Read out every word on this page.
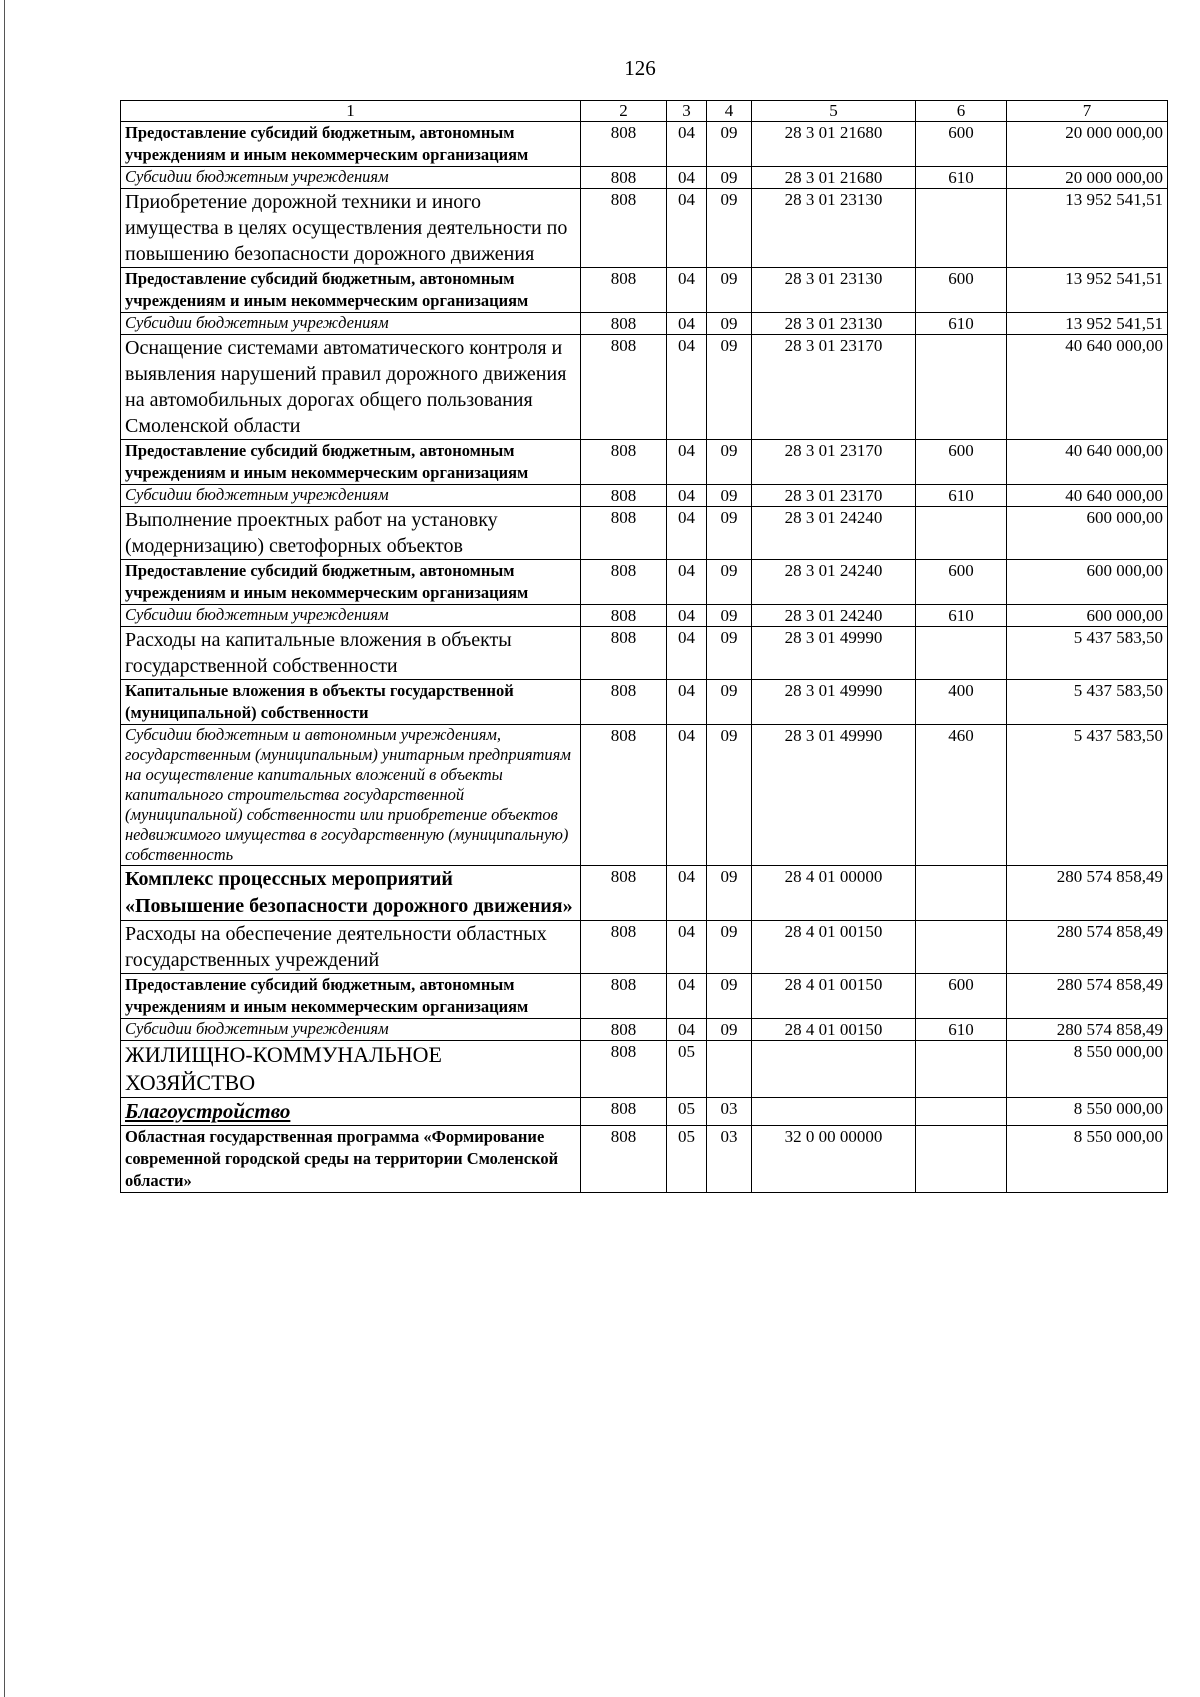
126
1	2	3	4	5	6	7
Предоставление субсидий бюджетным, автономным учреждениям и иным некоммерческим организациям	808	04	09	28 3 01 21680	600	20 000 000,00
Субсидии бюджетным учреждениям	808	04	09	28 3 01 21680	610	20 000 000,00
Приобретение дорожной техники и иного имущества в целях осуществления деятельности по повышению безопасности дорожного движения	808	04	09	28 3 01 23130		13 952 541,51
Предоставление субсидий бюджетным, автономным учреждениям и иным некоммерческим организациям	808	04	09	28 3 01 23130	600	13 952 541,51
Субсидии бюджетным учреждениям	808	04	09	28 3 01 23130	610	13 952 541,51
Оснащение системами автоматического контроля и выявления нарушений правил дорожного движения на автомобильных дорогах общего пользования Смоленской области	808	04	09	28 3 01 23170		40 640 000,00
Предоставление субсидий бюджетным, автономным учреждениям и иным некоммерческим организациям	808	04	09	28 3 01 23170	600	40 640 000,00
Субсидии бюджетным учреждениям	808	04	09	28 3 01 23170	610	40 640 000,00
Выполнение проектных работ на установку (модернизацию) светофорных объектов	808	04	09	28 3 01 24240		600 000,00
Предоставление субсидий бюджетным, автономным учреждениям и иным некоммерческим организациям	808	04	09	28 3 01 24240	600	600 000,00
Субсидии бюджетным учреждениям	808	04	09	28 3 01 24240	610	600 000,00
Расходы на капитальные вложения в объекты государственной собственности	808	04	09	28 3 01 49990		5 437 583,50
Капитальные вложения в объекты государственной (муниципальной) собственности	808	04	09	28 3 01 49990	400	5 437 583,50
Субсидии бюджетным и автономным учреждениям, государственным (муниципальным) унитарным предприятиям на осуществление капитальных вложений в объекты капитального строительства государственной (муниципальной) собственности или приобретение объектов недвижимого имущества в государственную (муниципальную) собственность	808	04	09	28 3 01 49990	460	5 437 583,50
Комплекс процессных мероприятий «Повышение безопасности дорожного движения»	808	04	09	28 4 01 00000		280 574 858,49
Расходы на обеспечение деятельности областных государственных учреждений	808	04	09	28 4 01 00150		280 574 858,49
Предоставление субсидий бюджетным, автономным учреждениям и иным некоммерческим организациям	808	04	09	28 4 01 00150	600	280 574 858,49
Субсидии бюджетным учреждениям	808	04	09	28 4 01 00150	610	280 574 858,49
ЖИЛИЩНО-КОММУНАЛЬНОЕ ХОЗЯЙСТВО	808	05				8 550 000,00
Благоустройство	808	05	03			8 550 000,00
Областная государственная программа «Формирование современной городской среды на территории Смоленской области»	808	05	03	32 0 00 00000		8 550 000,00
